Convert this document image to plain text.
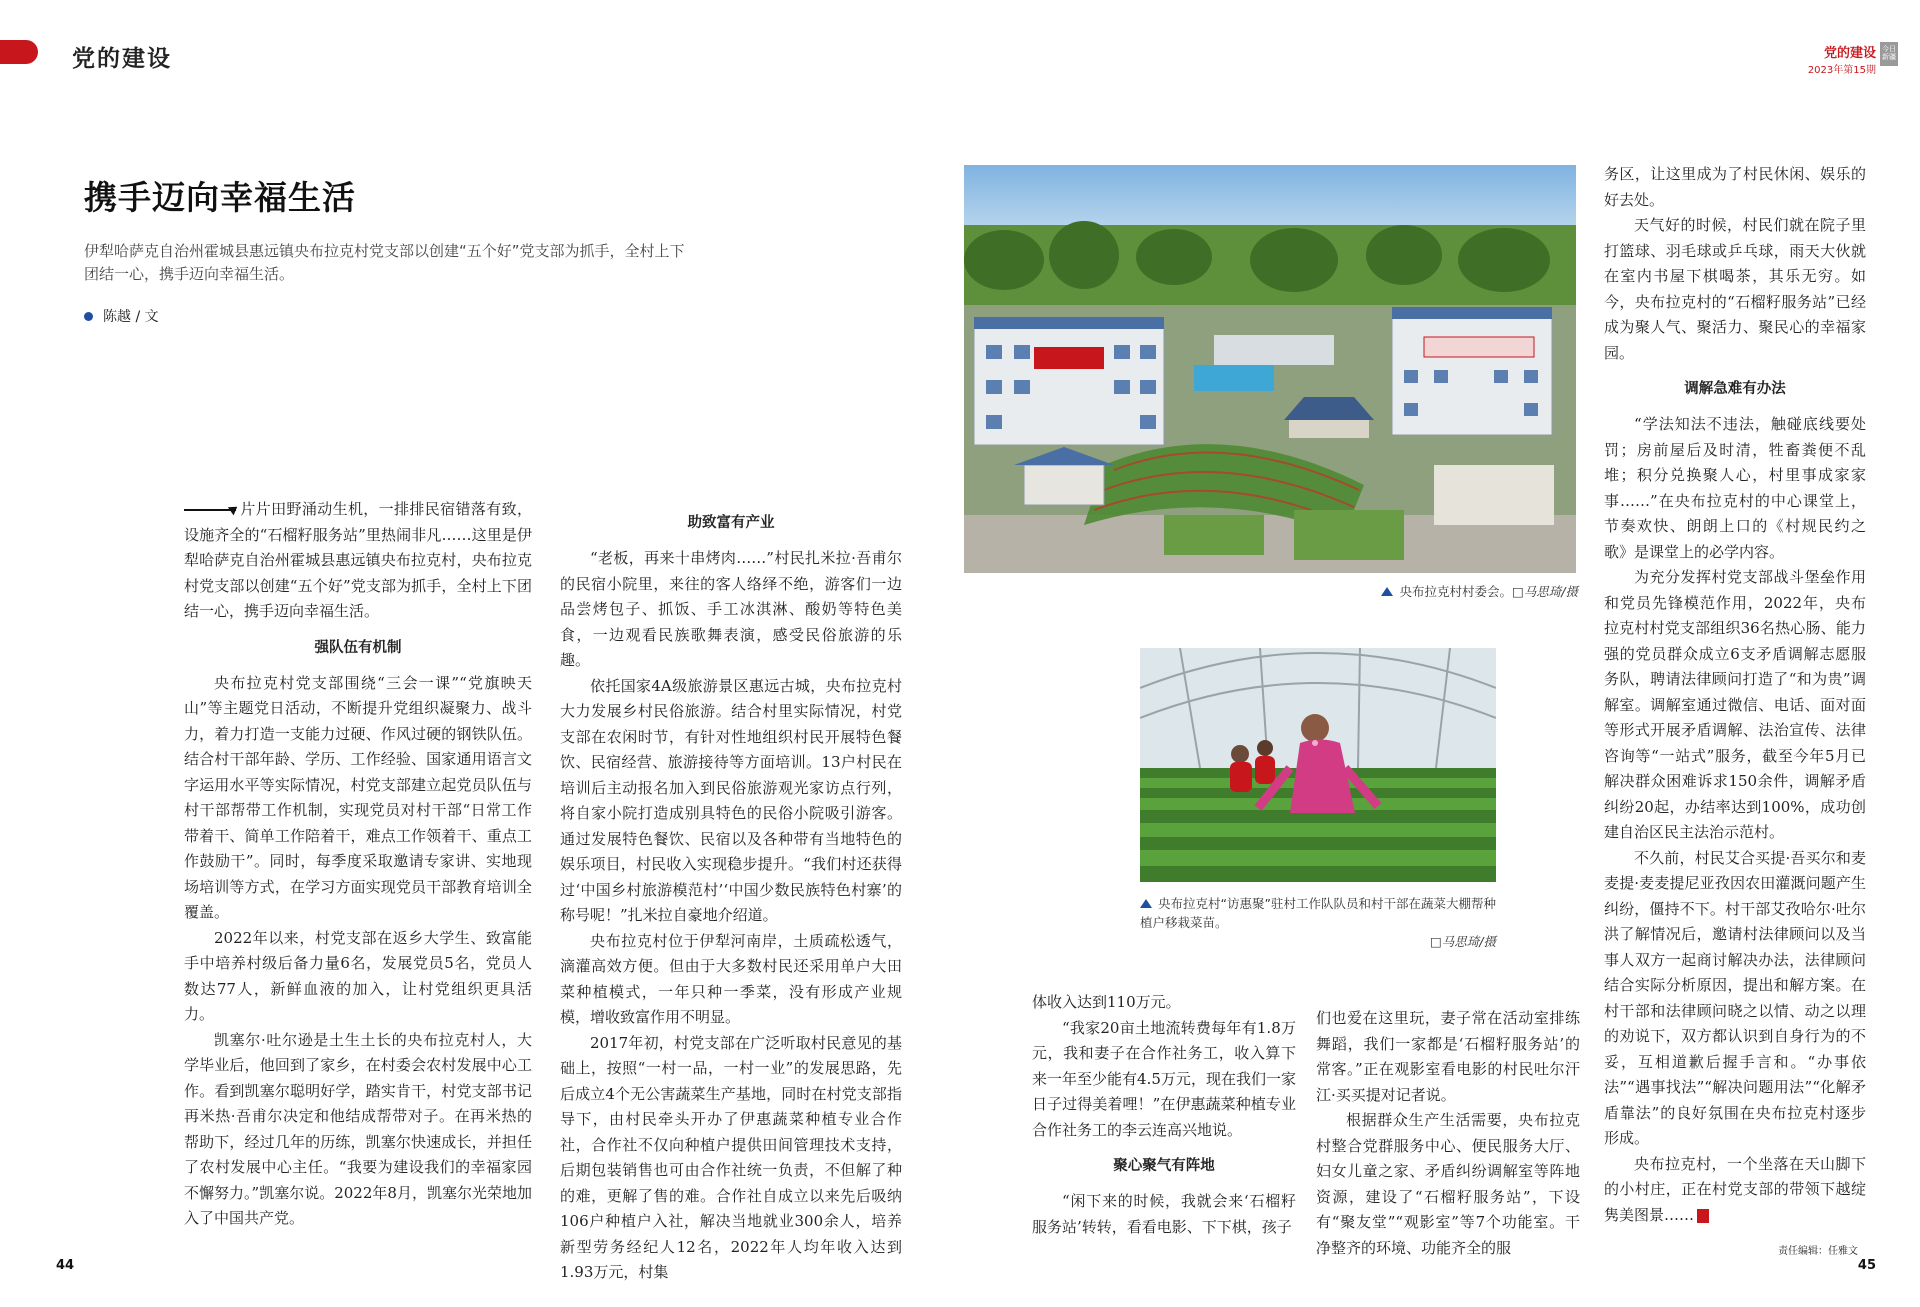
党的建设	党的建设
2023年第15期
今日新疆
携手迈向幸福生活

伊犁哈萨克自治州霍城县惠远镇央布拉克村党支部以创建“五个好”党支部为抓手，全村上下团结一心，携手迈向幸福生活。

陈越 / 文

片片田野涌动生机，一排排民宿错落有致，设施齐全的“石榴籽服务站”里热闹非凡……这里是伊犁哈萨克自治州霍城县惠远镇央布拉克村，央布拉克村党支部以创建“五个好”党支部为抓手，全村上下团结一心，携手迈向幸福生活。

强队伍有机制

央布拉克村党支部围绕“三会一课”“党旗映天山”等主题党日活动，不断提升党组织凝聚力、战斗力，着力打造一支能力过硬、作风过硬的钢铁队伍。结合村干部年龄、学历、工作经验、国家通用语言文字运用水平等实际情况，村党支部建立起党员队伍与村干部帮带工作机制，实现党员对村干部“日常工作带着干、简单工作陪着干，难点工作领着干、重点工作鼓励干”。同时，每季度采取邀请专家讲、实地现场培训等方式，在学习方面实现党员干部教育培训全覆盖。

2022年以来，村党支部在返乡大学生、致富能手中培养村级后备力量6名，发展党员5名，党员人数达77人，新鲜血液的加入，让村党组织更具活力。

凯塞尔·吐尔逊是土生土长的央布拉克村人，大学毕业后，他回到了家乡，在村委会农村发展中心工作。看到凯塞尔聪明好学，踏实肯干，村党支部书记再米热·吾甫尔决定和他结成帮带对子。在再米热的帮助下，经过几年的历练，凯塞尔快速成长，并担任了农村发展中心主任。“我要为建设我们的幸福家园不懈努力。”凯塞尔说。2022年8月，凯塞尔光荣地加入了中国共产党。

助致富有产业

“老板，再来十串烤肉……”村民扎米拉·吾甫尔的民宿小院里，来往的客人络绎不绝，游客们一边品尝烤包子、抓饭、手工冰淇淋、酸奶等特色美食，一边观看民族歌舞表演，感受民俗旅游的乐趣。

依托国家4A级旅游景区惠远古城，央布拉克村大力发展乡村民俗旅游。结合村里实际情况，村党支部在农闲时节，有针对性地组织村民开展特色餐饮、民宿经营、旅游接待等方面培训。13户村民在培训后主动报名加入到民俗旅游观光家访点行列，将自家小院打造成别具特色的民俗小院吸引游客。通过发展特色餐饮、民宿以及各种带有当地特色的娱乐项目，村民收入实现稳步提升。“我们村还获得过‘中国乡村旅游模范村’‘中国少数民族特色村寨’的称号呢！”扎米拉自豪地介绍道。

央布拉克村位于伊犁河南岸，土质疏松透气，滴灌高效方便。但由于大多数村民还采用单户大田菜种植模式，一年只种一季菜，没有形成产业规模，增收致富作用不明显。

2017年初，村党支部在广泛听取村民意见的基础上，按照“一村一品，一村一业”的发展思路，先后成立4个无公害蔬菜生产基地，同时在村党支部指导下，由村民牵头开办了伊惠蔬菜种植专业合作社，合作社不仅向种植户提供田间管理技术支持，后期包装销售也可由合作社统一负责，不但解了种的难，更解了售的难。合作社自成立以来先后吸纳106户种植户入社，解决当地就业300余人，培养新型劳务经纪人12名，2022年人均年收入达到1.93万元，村集

央布拉克村村委会。□马思琦/摄
央布拉克村“访惠聚”驻村工作队队员和村干部在蔬菜大棚帮种植户移栽菜苗。
□马思琦/摄

体收入达到110万元。

“我家20亩土地流转费每年有1.8万元，我和妻子在合作社务工，收入算下来一年至少能有4.5万元，现在我们一家日子过得美着哩！”在伊惠蔬菜种植专业合作社务工的李云连高兴地说。

聚心聚气有阵地

“闲下来的时候，我就会来‘石榴籽服务站’转转，看看电影、下下棋，孩子

们也爱在这里玩，妻子常在活动室排练舞蹈，我们一家都是‘石榴籽服务站’的常客。”正在观影室看电影的村民吐尔汗江·买买提对记者说。

根据群众生产生活需要，央布拉克村整合党群服务中心、便民服务大厅、妇女儿童之家、矛盾纠纷调解室等阵地资源，建设了“石榴籽服务站”，下设有“聚友堂”“观影室”等7个功能室。干净整齐的环境、功能齐全的服

务区，让这里成为了村民休闲、娱乐的好去处。

天气好的时候，村民们就在院子里打篮球、羽毛球或乒乓球，雨天大伙就在室内书屋下棋喝茶，其乐无穷。如今，央布拉克村的“石榴籽服务站”已经成为聚人气、聚活力、聚民心的幸福家园。

调解急难有办法

“学法知法不违法，触碰底线要处罚；房前屋后及时清，牲畜粪便不乱堆；积分兑换聚人心，村里事成家家事……”在央布拉克村的中心课堂上，节奏欢快、朗朗上口的《村规民约之歌》是课堂上的必学内容。

为充分发挥村党支部战斗堡垒作用和党员先锋模范作用，2022年，央布拉克村村党支部组织36名热心肠、能力强的党员群众成立6支矛盾调解志愿服务队，聘请法律顾问打造了“和为贵”调解室。调解室通过微信、电话、面对面等形式开展矛盾调解、法治宣传、法律咨询等“一站式”服务，截至今年5月已解决群众困难诉求150余件，调解矛盾纠纷20起，办结率达到100%，成功创建自治区民主法治示范村。

不久前，村民艾合买提·吾买尔和麦麦提·麦麦提尼亚孜因农田灌溉问题产生纠纷，僵持不下。村干部艾孜哈尔·吐尔洪了解情况后，邀请村法律顾问以及当事人双方一起商讨解决办法，法律顾问结合实际分析原因，提出和解方案。在村干部和法律顾问晓之以情、动之以理的劝说下，双方都认识到自身行为的不妥，互相道歉后握手言和。“办事依法”“遇事找法”“解决问题用法”“化解矛盾靠法”的良好氛围在央布拉克村逐步形成。

央布拉克村，一个坐落在天山脚下的小村庄，正在村党支部的带领下越绽隽美图景……

44
责任编辑：任雅文
45
